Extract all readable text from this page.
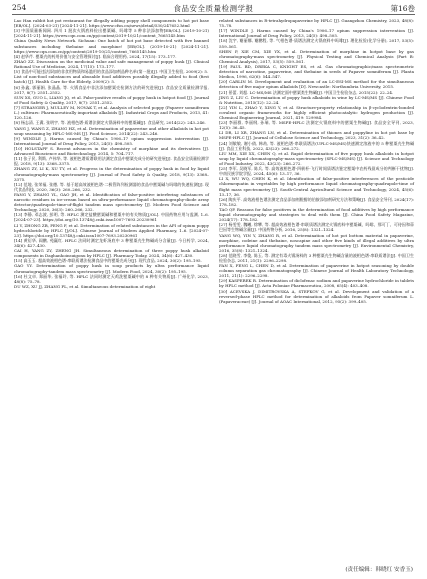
254	食品安全质量检测学报	第16卷

Lao Han rabbit hot pot restaurant for illegally adding poppy shell components to hot pot base [EB/OL]. (2024-03-21) [2024-11-21]. https://www.cfsn.cn/news/detail/530/247652.html

[3] 中国质量新闻网. 四川 1 批次火锅底料检出罂粟碱、吗啡等 5 种非法添加物[EB/OL]. (2019-10-21) [2024-11-21]. https://www.cqn.com.cn/pp/content/2019-10/21/content_7665145.htm

China Quality News Network. Sichuan: One batch of hot pot base detected with five banned substances including thebaine and morphine! [EB/OL]. (2019-10-21) [2024-11-21]. https://www.cqn.com.cn/pp/content/2019-10/21/content_7665145.htm

[4] 赵华芹. 罂粟壳的药用价值与安全管理探讨[J]. 临床合理用药, 2024, 17(15): 173–177.

ZHAO ZZ. Discussion on the medicinal value and safe management of poppy husk [J]. Clinical Rational Use of Medicine, 2024, 17(15): 173–177.

[5] 食品中可能违法添加的非食用物质和易滥用的食品添加剂品种名单(第一批)[J]. 中国卫生检验, 2009(2): 5.

List of non-food substances and abusable food additives possibly illegally added to food (first batch) [J]. Health Care for the Elderly, 2009(2): 5.

[6] 孙鑫, 郭丽娟, 张晶晶, 等. 火锅食品中非法添加罂粟壳检测方法的研究进展[J]. 食品安全质量检测学报, 2017, 8(7): 2551–2552.

SUN XS, GUO L, LIANG JQ, et al. False-positive results of poppy husk in hotpot food [J]. Journal of Food Safety & Quality, 2017, 8(7): 2551–2552.

[7] STRANGER J, MULLEY M, NOVAK T, et al. Analysis of selected poppy (Papaver somniferum L.) cultivars: Pharmaceutically important alkaloids [J]. Industrial Crops and Products, 2013, 41: 120–126.

[8] 杨志清, 王冀, 张明宇, 等. 液相色谱-质谱法测定火锅汤料中的罂粟碱[J]. 食品研究, 2014(22): 243–246.

YANG J, WANG Z, ZHANG HZ, et al. Determination of papaverine and other alkaloids in hot pot soup seasoning by HPLC-MS-MS [J]. Food Science, 2014(22): 243–246.

[9] WINDLE J. Harms caused by China's 1906–17 opium suppression intervention [J]. International Journal of Drug Policy, 2013, 24(5): 498–505.

[10] HOLSTAPF S. Recent advances in the chemistry of morphine and its derivatives [J]. Advanced Bioscience and Biotechnology, 2014, 5: 704–717.

[11] 张子民, 利斯, 卢伟华, 等. 液相色谱质谱联用法测定食品中罂粟壳成分的研究进展[J]. 食品安全质量检测学报, 2018, 9(13): 3368–3375.

ZHANG ZY, LI K, XU TY, et al. Progress in the determination of poppy husk in food by liquid chromatography-mass spectrometry [J]. Journal of Food Safety & Quality, 2018, 9(13): 3368–3375.

[12] 范地, 张荣福, 张德, 等. 基于超高效液相色谱-二极管阵列检测器的食品中罂粟碱与吗啡的快速检测[J]. 现代食品科技, 2020, 36(3): 260–266, 232.

FANG Y, ZHANG YL, GAO JH, et al. Identification of false-positive interfering substances of narcotic residues in ice-cream based on ultra-performance liquid chromatography-diode array detector/quadrupole-time-of-flight tandem mass spectrometry [J]. Modern Food Science and Technology, 2020, 36(3): 260–266, 232.

[13] 李静, 邓志波, 彭明, 等. HPLC 测定盐酸罂粟碱和罂粟中的有关物质[J/OL]. 中国药物应用与监测, 1–6. [2024-07-23]. https://doi.org/10.13748/j.cnki.issn1007-7693.20230961

LI Y, ZHONG ZB, PENG F, et al. Determination of related substances in the API of opium poppy hydrochloride by HPLC [J/OL]. Chinese Journal of Modern Applied Pharmacy, 1–6. [2024-07-23]. https://doi.org/10.13748/j.cnki.issn1007-7693.20230961

[14] 黄衍华, 阎鹏, 苑赢红. HPLC 法同时测定龙虾汤底中 3 种罂粟壳生物碱成分含量[J]. 今日药学, 2024, 34(6): 427–430.

CAI H, YANG ZY, ZHENG JH. Simultaneous determination of three poppy husk alkaloid components in Daghanhoinsuigonu by HPLC [J]. Pharmacy Today, 2024, 34(6): 427–430.

[15] 高玉玉. 超高效液相色谱-串联质谱法检测食品中的罂粟壳成分[J]. 现代食品, 2024, 30(2): 195–195.

GAO YY. Determination of poppy husk in soup products by ultra performance liquid chromatography-tandem mass spectrometry [J]. Modern Food, 2024, 30(2): 195–195.

[16] 杜文卓, 郑丽华, 张福玲, 等. HPLC 法同时测定天鸡洗罂粟碱中的 8 种有关物质[J]. 广州化学, 2023, 48(8): 75–78.

DU WZ, XU JJ, ZHANG FL, et al. Simultaneous determination of eight

related substances in R-tetrahydropapaverine by HPLC [J]. Guangzhou Chemistry, 2023, 48(8): 75–78.

[17] WINDLE J. Harms caused by China's 1906–17 opium suppression intervention [J]. International Journal of Drug Policy, 2013, 24(5): 498–505.

[18] 沈宇, 谢丽娜, 谢鹏程, 等. 气相色谱-质谱法测定火锅底料中吗啡[J]. 理化检验(化学分册), 2017, 53(5): 559–561.

SHEN P, XIE CM, XIE YX, et al. Determination of morphine in hotpot base by gas chromatography-mass spectrometry [J]. Physical Testing and Chemical Analysis (Part B: Chemical Analysis), 2017, 53(5): 559–561.

[19] PAUL BD, DREKA C, KNIGHT ES, et al. Gas chromatographic/mass spectrometric detection of narcotine, papaverine, and thebaine in seeds of Papaver somniferum [J]. Planta Medica, 1996, 62(6): 544–547.

[20] CARLIN M. Development and evaluation of an LC-ESI-MS method for the simultaneous detection of five major opium alkaloids [D]. Newcastle: Northumbria University, 2015.

[21] 景蕾, 刘超. LC-MS/MS 法测定面中罂粟类生物碱[J]. 中国卫生检验杂志, 2015(22): 22–24.

JING Z, LIU C. Determination of poppy husk alkaloids in wine by LC-MS/MS [J]. Chinese Food & Nutrition, 2015(12): 22–24.

[22] YIN L, ZHAO Y, XING Y, et al. Structure-property relationship in β-cyclodextrin-bonded covalent organic frameworks for highly efficient photocatalytic hydrogen production [J]. Chemical Engineering Journal, 2021, 419: 129984.

[23] 李丽群, 李丽纲, 孙瑞, 等. MSPE-HPLC 法测定火锅底料中的罂粟生物碱[J]. 食品安全导刊, 2023, 12(5): 36–45.

LI DR, LI XR, ZHANG LN, et al. Determination of thiones and poppyline in hot pot base by MSPE-HPLC [J]. Journal of Cellulose Science and Technology, 2023, 31(2): 36–42.

[24] 刘敏敏, 谢小倩, 韩劫, 等. 液相色谱-串联质谱法(UPLC-MS/MS)快速测定溶液中的 5 种罂粟壳生物碱[J]. 食品工业科技, 2022, 43(23): 266–272.

LIU MM, XIE XX, CHEN Q, et al. Rapid determination of five poppy husk alkaloids in hotpot soup by liquid chromatography-mass spectrometry (SPLC-MS/MS) [J]. Science and Technology of Food Industry, 2022, 43(23): 266–272.

[25] 李军, 吴晓军, 陈兵, 等. 高效液相色谱-四极杆-飞行时间质谱法鉴定罂粟中农药残留成分的判断干扰物[J]. 中南民族学院学报, 2024, 45(6): 13–17, 36.

LI X, WU WQ, CHEN K, et al. Identification of false-positive interferences of the pesticide chlormequatin in vegetables by high performance liquid chromatography-quadrupole-time of flight mass spectrometry [J]. South-Central Agricultural Science and Technology, 2024, 45(6): 13–17, 36.

[26] 陶庆平. 高效液相色谱法测定食品添加剂脱醇的伯胺添加剂研究方法和策略[J]. 食品安全导刊, 2024(17): 178–182.

TAO QP. Reasons for false positives in the determination of food additives by high performance liquid chromatography and strategies to deal with them [J]. China Food Safety Magazine, 2024(17): 178–182.

[27] 杨雯雯, 魏曦, 徐攀, 等. 超高效液相色谱-串联质谱法测定火锅底料中罂粟碱、吗啡、那可丁、可待因和蒂巴因等生物碱含量[J]. 中国药物分析, 2016, 25(8): 1321–1324.

YANG WQ, YIN Y, ZHANG R, et al. Determination of hot pot bottom material in papaverine, morphine, codeine and thebaine, noscapine and other five kinds of illegal additives by ultra performance liquid chromatography tandem mass spectrometry [J]. Environmental Chemistry, 2016, 35(8): 1321–1324.

[28] 范晓雪, 李俊, 陈玉, 等. 测定有毒火锅汤料的 3 种罂粟壳生物碱含量的液相色谱-串联质谱法[J]. 中国卫生检验杂志, 2011, 21(1): 2296–2298.

FAN X, FENG L, CHEN D, et al. Determination of papaverine in hotpot seasoning by double column separation gas chromatography [J]. Chinese Journal of Health Laboratory Technology, 2011, 21(1): 2296–2298.

[29] KASPEREK R. Determination of diclofenac sodium and papaverine hydrochloride in tablets by HPLC method [J]. Acta Poloniae Pharmaceutica, 2008, 65(4): 403–408.

[30] ACEVSKA J, DIMITROVSKA A, STEFKOV G, et al. Development and validation of a reversed-phase HPLC method for determination of alkaloids from Papaver somniferum L. (Papaveraceae) [J]. Journal of AOAC International, 2012, 95(2): 399–405.

(责任编辑：韩晓红 安香玉)
